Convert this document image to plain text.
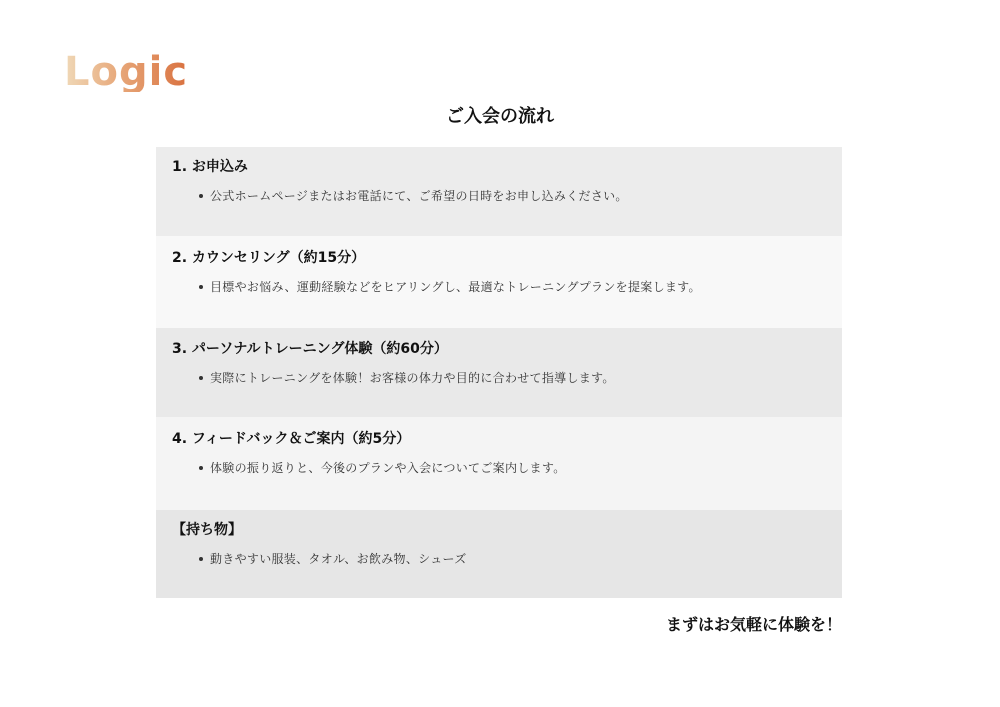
Logic
ご入会の流れ
1. お申込み
公式ホームページまたはお電話にて、ご希望の日時をお申し込みください。
2. カウンセリング（約15分）
目標やお悩み、運動経験などをヒアリングし、最適なトレーニングプランを提案します。
3. パーソナルトレーニング体験（約60分）
実際にトレーニングを体験！お客様の体力や目的に合わせて指導します。
4. フィードバック＆ご案内（約5分）
体験の振り返りと、今後のプランや入会についてご案内します。
【持ち物】
動きやすい服装、タオル、お飲み物、シューズ
まずはお気軽に体験を！
